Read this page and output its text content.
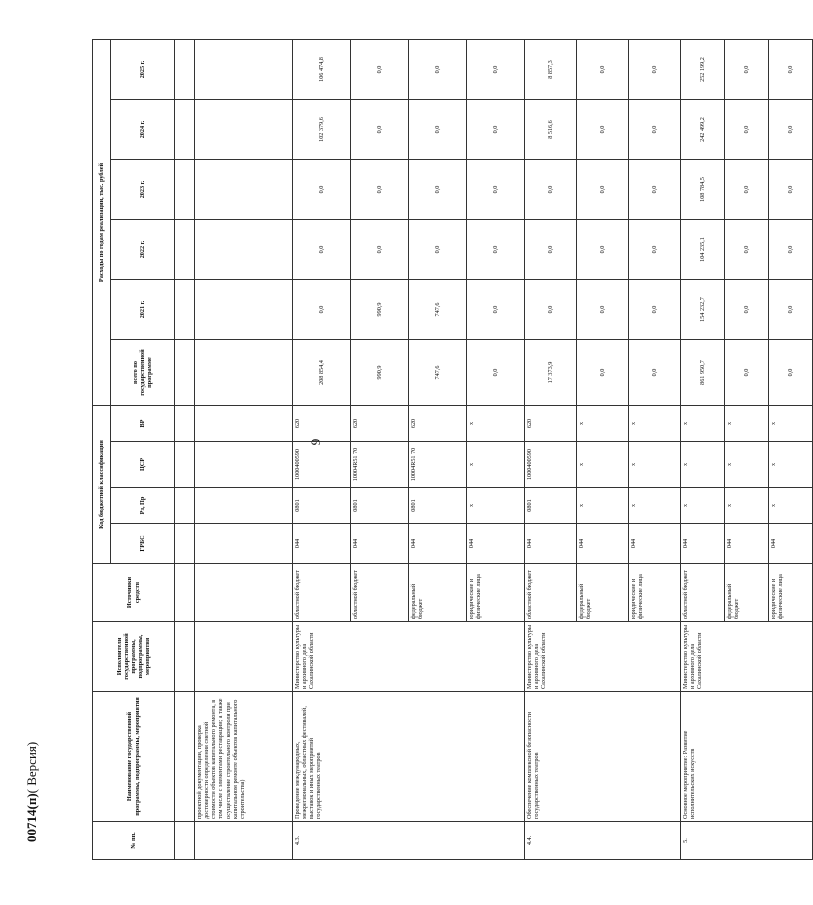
9
00714(п)( Версия)
№ пп.	Наименование государственной программы, подпрограммы, мероприятия	Исполнители государственной программы, подпрограммы, мероприятия	Источники средств	Код бюджетной классификации				Расходы по годам реализации, тыс. рублей					
				ГРБС	Рз, Пр	ЦСР	ВР	всего по государственной программе	2021 г.	2022 г.	2023 г.	2024 г.	2025 г.

	проектной документации, проверка достоверности определения сметной стоимости объектов капитального ремонта, в том числе с элементами реставрации; а также осуществление строительного контроля при капитальном ремонте объектов капитального строительства)												
4.3.	Проведение международных, межрегиональных, областных фестивалей, выставок и иных мероприятий государственных театров	Министерство культуры и архивного дела Сахалинской области	областной бюджет	044	0801	1000400590	620	208 854,4	0,0	0,0	0,0	102 379,6	106 474,8
			областной бюджет	044	0801	10004R51 70	620	990,9	990,9	0,0	0,0	0,0	0,0
			федеральный бюджет	044	0801	10004R51 70	620	747,6	747,6	0,0	0,0	0,0	0,0
			юридические и физические лица	044	x	x	x	0,0	0,0	0,0	0,0	0,0	0,0
4.4.	Обеспечение комплексной безопасности государственных театров	Министерство культуры и архивного дела Сахалинской области	областной бюджет	044	0801	1000400590	620	17 373,9	0,0	0,0	0,0	8 516,6	8 857,3
			федеральный бюджет	044	x	x	x	0,0	0,0	0,0	0,0	0,0	0,0
			юридические и физические лица	044	x	x	x	0,0	0,0	0,0	0,0	0,0	0,0
5.	Основное мероприятие: Развитие исполнительских искусств	Министерство культуры и архивного дела Сахалинской области	областной бюджет	044	x	x	x	861 950,7	154 232,7	104 235,1	108 784,5	242 499,2	252 199,2
			федеральный бюджет	044	x	x	x	0,0	0,0	0,0	0,0	0,0	0,0
			юридические и физические лица	044	x	x	x	0,0	0,0	0,0	0,0	0,0	0,0
